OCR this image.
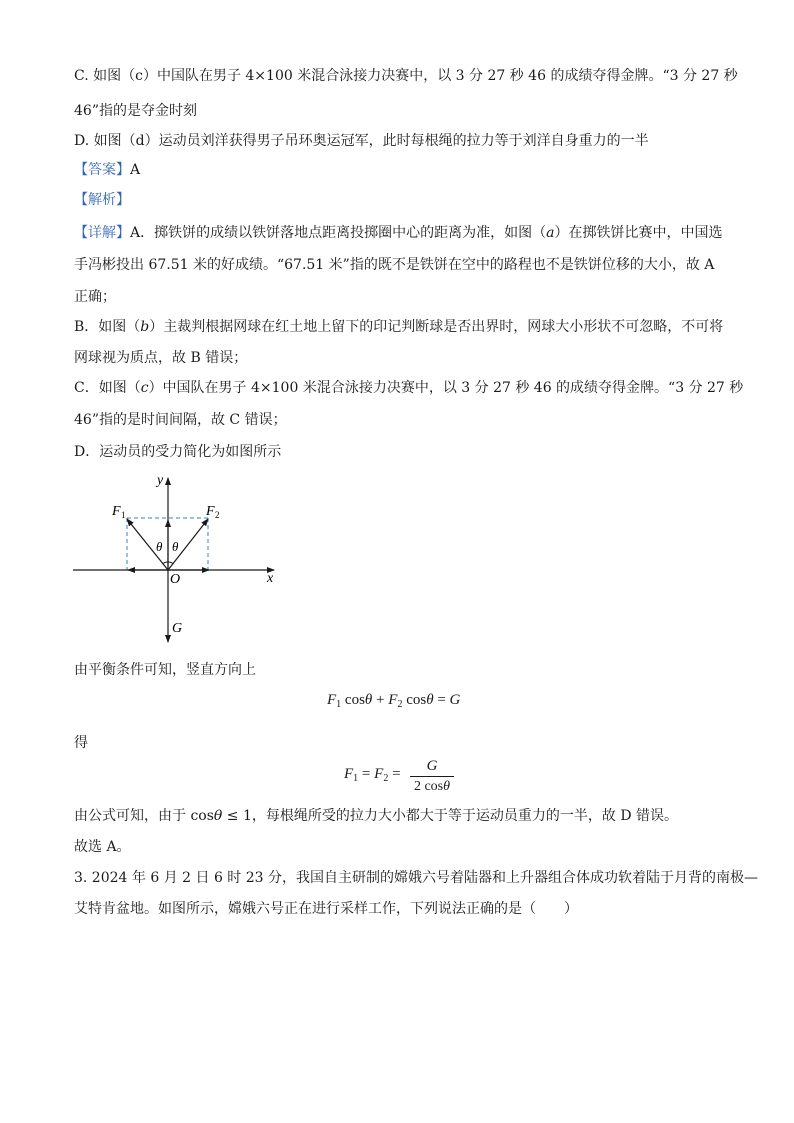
C. 如图（c）中国队在男子 4×100 米混合泳接力决赛中，以 3 分 27 秒 46 的成绩夺得金牌。“3 分 27 秒
46”指的是夺金时刻
D. 如图（d）运动员刘洋获得男子吊环奥运冠军，此时每根绳的拉力等于刘洋自身重力的一半
【答案】A
【解析】
【详解】A．掷铁饼的成绩以铁饼落地点距离投掷圈中心的距离为准，如图（a）在掷铁饼比赛中，中国选
手冯彬投出 67.51 米的好成绩。“67.51 米”指的既不是铁饼在空中的路程也不是铁饼位移的大小，故 A
正确；
B．如图（b）主裁判根据网球在红土地上留下的印记判断球是否出界时，网球大小形状不可忽略，不可将
网球视为质点，故 B 错误；
C．如图（c）中国队在男子 4×100 米混合泳接力决赛中，以 3 分 27 秒 46 的成绩夺得金牌。“3 分 27 秒
46”指的是时间间隔，故 C 错误；
D．运动员的受力简化为如图所示
y
x
O
F 1	F 2
θ θ
G
由平衡条件可知，竖直方向上
$F_1$ $\cos\theta + F_2$ cosθ = G
得
$F_1 = F_2$ =	G
2 cosθ
由公式可知，由于 cosθ ≤ 1，每根绳所受的拉力大小都大于等于运动员重力的一半，故 D 错误。
故选 A。
3. 2024 年 6 月 2 日 6 时 23 分，我国自主研制的嫦娥六号着陆器和上升器组合体成功软着陆于月背的南极—
艾特肯盆地。如图所示，嫦娥六号正在进行采样工作，下列说法正确的是（　　）
